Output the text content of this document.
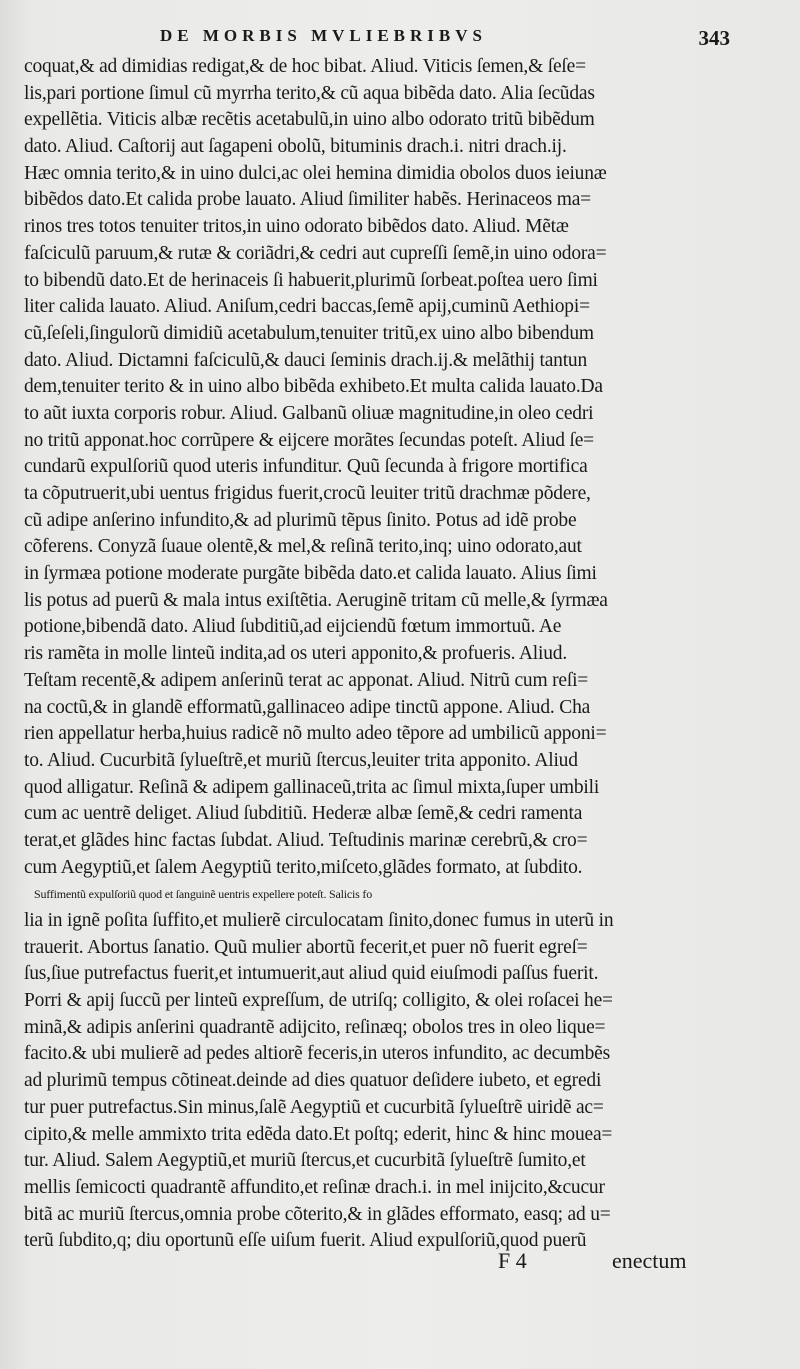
DE MORBIS MVLIEBRIBVS	343
coquat,& ad dimidias redigat,& de hoc bibat. Aliud. Viticis ſemen,& ſeſe=
lis,pari portione ſimul cũ myrrha terito,& cũ aqua bibẽda dato. Alia ſecũdas
expellẽtia. Viticis albæ recẽtis acetabulũ,in uino albo odorato tritũ bibẽdum
dato. Aliud. Caſtorij aut ſagapeni obolũ, bituminis drach.i. nitri drach.ij.
Hæc omnia terito,& in uino dulci,ac olei hemina dimidia obolos duos ieiunæ
bibẽdos dato.Et calida probe lauato. Aliud ſimiliter habẽs. Herinaceos ma=
rinos tres totos tenuiter tritos,in uino odorato bibẽdos dato. Aliud. Mẽtæ
faſciculũ paruum,& rutæ & coriãdri,& cedri aut cupreſſi ſemẽ,in uino odora=
to bibendũ dato.Et de herinaceis ſi habuerit,plurimũ ſorbeat.poſtea uero ſimi
liter calida lauato. Aliud. Aniſum,cedri baccas,ſemẽ apij,cuminũ Aethiopi=
cũ,ſeſeli,ſingulorũ dimidiũ acetabulum,tenuiter tritũ,ex uino albo bibendum
dato. Aliud. Dictamni faſciculũ,& dauci ſeminis drach.ij.& melãthij tantun
dem,tenuiter terito & in uino albo bibẽda exhibeto.Et multa calida lauato.Da
to aũt iuxta corporis robur. Aliud. Galbanũ oliuæ magnitudine,in oleo cedri
no tritũ apponat.hoc corrũpere & eijcere morãtes ſecundas poteſt. Aliud ſe=
cundarũ expulſoriũ quod uteris infunditur. Quũ ſecunda à frigore mortifica
ta cõputruerit,ubi uentus frigidus fuerit,crocũ leuiter tritũ drachmæ põdere,
cũ adipe anſerino infundito,& ad plurimũ tẽpus ſinito. Potus ad idẽ probe
cõferens. Conyzã ſuaue olentẽ,& mel,& reſinã terito,inq; uino odorato,aut
in ſyrmæa potione moderate purgãte bibẽda dato.et calida lauato. Alius ſimi
lis potus ad puerũ & mala intus exiſtẽtia. Aeruginẽ tritam cũ melle,& ſyrmæa
potione,bibendã dato. Aliud ſubditiũ,ad eijciendũ fœtum immortuũ. Ae
ris ramẽta in molle linteũ indita,ad os uteri apponito,& profueris. Aliud.
Teſtam recentẽ,& adipem anſerinũ terat ac apponat. Aliud. Nitrũ cum reſi=
na coctũ,& in glandẽ efformatũ,gallinaceo adipe tinctũ appone. Aliud. Cha
rien appellatur herba,huius radicẽ nõ multo adeo tẽpore ad umbilicũ apponi=
to. Aliud. Cucurbitã ſylueſtrẽ,et muriũ ſtercus,leuiter trita apponito. Aliud
quod alligatur. Reſinã & adipem gallinaceũ,trita ac ſimul mixta,ſuper umbili
cum ac uentrẽ deliget. Aliud ſubditiũ. Hederæ albæ ſemẽ,& cedri ramenta
terat,et glãdes hinc factas ſubdat. Aliud. Teſtudinis marinæ cerebrũ,& cro=
cum Aegyptiũ,et ſalem Aegyptiũ terito,miſceto,glãdes formato, at ſubdito.
Suffimentũ expulſoriũ quod et ſanguinẽ uentris expellere poteſt. Salicis fo
lia in ignẽ poſita ſuffito,et mulierẽ circulocatam ſinito,donec fumus in uterũ in
trauerit. Abortus ſanatio. Quũ mulier abortũ fecerit,et puer nõ fuerit egreſ=
ſus,ſiue putrefactus fuerit,et intumuerit,aut aliud quid eiuſmodi paſſus fuerit.
Porri & apij ſuccũ per linteũ expreſſum, de utriſq; colligito, & olei roſacei he=
minã,& adipis anſerini quadrantẽ adijcito, reſinæq; obolos tres in oleo lique=
facito.& ubi mulierẽ ad pedes altiorẽ feceris,in uteros infundito, ac decumbẽs
ad plurimũ tempus cõtineat.deinde ad dies quatuor deſidere iubeto, et egredi
tur puer putrefactus.Sin minus,ſalẽ Aegyptiũ et cucurbitã ſylueſtrẽ uiridẽ ac=
cipito,& melle ammixto trita edẽda dato.Et poſtq; ederit, hinc & hinc mouea=
tur. Aliud. Salem Aegyptiũ,et muriũ ſtercus,et cucurbitã ſylueſtrẽ ſumito,et
mellis ſemicocti quadrantẽ affundito,et reſinæ drach.i. in mel inijcito,&cucur
bitã ac muriũ ſtercus,omnia probe cõterito,& in glãdes efformato, easq; ad u=
terũ ſubdito,q; diu oportunũ eſſe uiſum fuerit. Aliud expulſoriũ,quod puerũ
F 4	enectum
